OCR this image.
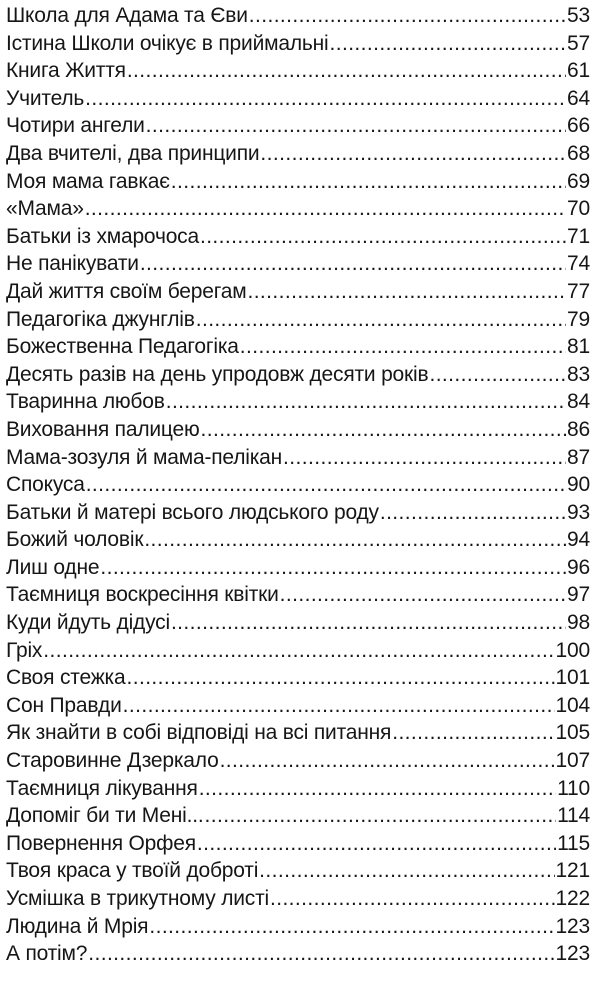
Школа для Адама та Єви .....	53
Істина Школи очікує в приймальні .....	57
Книга Життя .....	61
Учитель .....	64
Чотири ангели .....	66
Два вчителі, два принципи .....	68
Моя мама гавкає .....	69
«Мама» .....	70
Батьки із хмарочоса .....	71
Не панікувати .....	74
Дай життя своїм берегам .....	77
Педагогіка джунглів .....	79
Божественна Педагогіка .....	81
Десять разів на день упродовж десяти років .....	83
Тваринна любов .....	84
Виховання палицею .....	86
Мама-зозуля й мама-пелікан .....	87
Спокуса .....	90
Батьки й матері всього людського роду .....	93
Божий чоловік .....	94
Лиш одне .....	96
Таємниця воскресіння квітки .....	97
Куди йдуть дідусі .....	98
Гріх .....	100
Своя стежка .....	101
Сон Правди .....	104
Як знайти в собі відповіді на всі питання .....	105
Старовинне Дзеркало .....	107
Таємниця лікування .....	110
Допоміг би ти Мені... .....	114
Повернення Орфея .....	115
Твоя краса у твоїй доброті .....	121
Усмішка в трикутному листі .....	122
Людина й Мрія .....	123
А потім? .....	123
